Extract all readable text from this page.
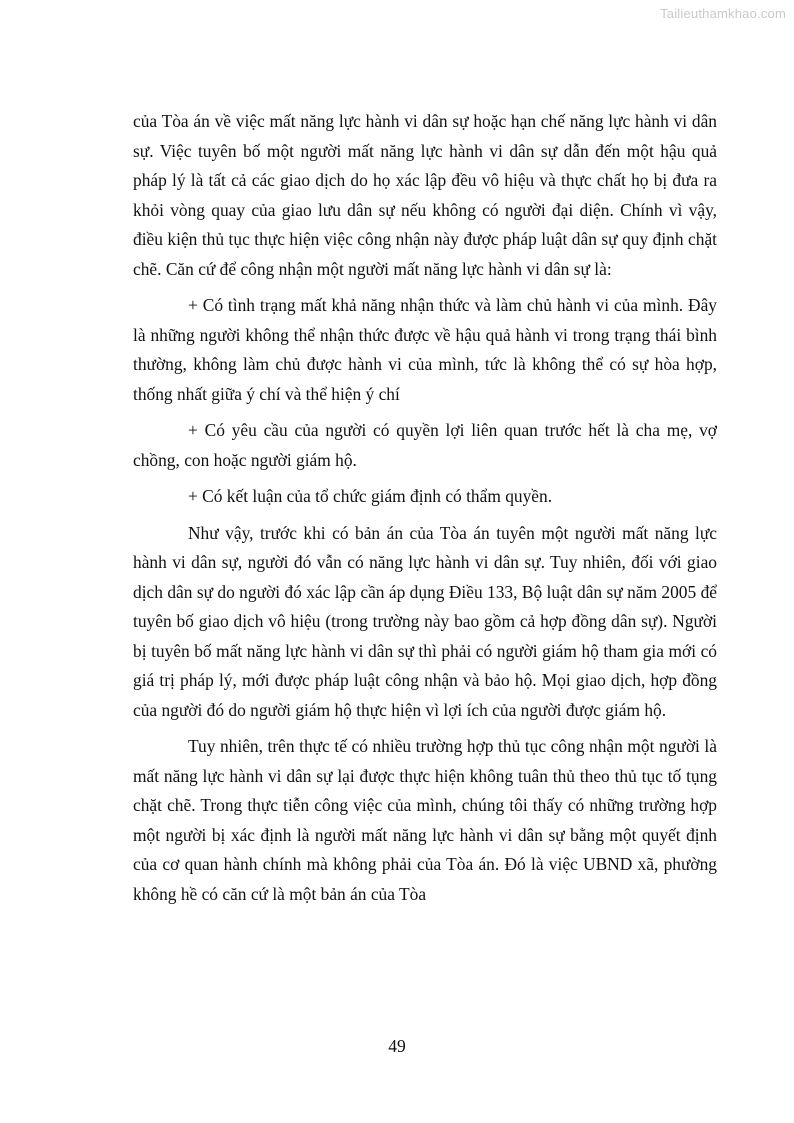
Tailieuthamkhao.com

của Tòa án về việc mất năng lực hành vi dân sự hoặc hạn chế năng lực hành vi dân sự. Việc tuyên bố một người mất năng lực hành vi dân sự dẫn đến một hậu quả pháp lý là tất cả các giao dịch do họ xác lập đều vô hiệu và thực chất họ bị đưa ra khỏi vòng quay của giao lưu dân sự nếu không có người đại diện. Chính vì vậy, điều kiện thủ tục thực hiện việc công nhận này được pháp luật dân sự quy định chặt chẽ. Căn cứ để công nhận một người mất năng lực hành vi dân sự là:

+ Có tình trạng mất khả năng nhận thức và làm chủ hành vi của mình. Đây là những người không thể nhận thức được về hậu quả hành vi trong trạng thái bình thường, không làm chủ được hành vi của mình, tức là không thể có sự hòa hợp, thống nhất giữa ý chí và thể hiện ý chí

+ Có yêu cầu của người có quyền lợi liên quan trước hết là cha mẹ, vợ chồng, con hoặc người giám hộ.

+ Có kết luận của tổ chức giám định có thẩm quyền.

Như vậy, trước khi có bản án của Tòa án tuyên một người mất năng lực hành vi dân sự, người đó vẫn có năng lực hành vi dân sự. Tuy nhiên, đối với giao dịch dân sự do người đó xác lập cần áp dụng Điều 133, Bộ luật dân sự năm 2005 để tuyên bố giao dịch vô hiệu (trong trường này bao gồm cả hợp đồng dân sự). Người bị tuyên bố mất năng lực hành vi dân sự thì phải có người giám hộ tham gia mới có giá trị pháp lý, mới được pháp luật công nhận và bảo hộ. Mọi giao dịch, hợp đồng của người đó do người giám hộ thực hiện vì lợi ích của người được giám hộ.

Tuy nhiên, trên thực tế có nhiều trường hợp thủ tục công nhận một người là mất năng lực hành vi dân sự lại được thực hiện không tuân thủ theo thủ tục tố tụng chặt chẽ. Trong thực tiễn công việc của mình, chúng tôi thấy có những trường hợp một người bị xác định là người mất năng lực hành vi dân sự bằng một quyết định của cơ quan hành chính mà không phải của Tòa án. Đó là việc UBND xã, phường không hề có căn cứ là một bản án của Tòa

49
